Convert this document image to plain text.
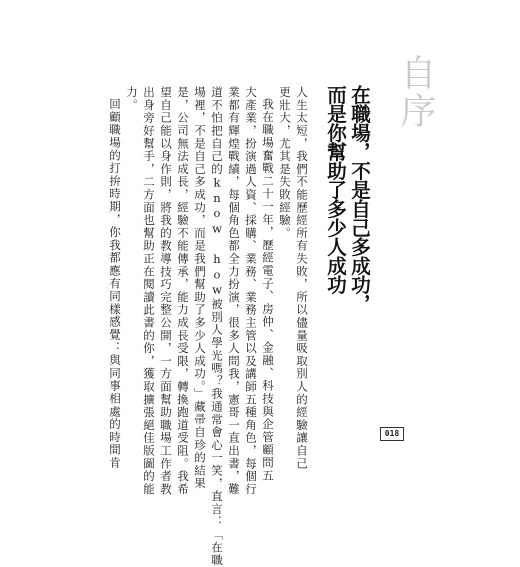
自序
在職場，不是自己多成功，
而是你幫助了多少人成功
人生太短，我們不能歷經所有失敗，所以儘量吸取別人的經驗讓自己
更壯大，尤其是失敗經驗。
我在職場奮戰二十一年，歷經電子、房仲、金融、科技與企管顧問五
大產業，扮演過人資、採購、業務、業務主管以及講師五種角色，每個行
業都有輝煌戰績，每個角色都全力扮演，很多人問我，憲哥一直出書，難
道不怕把自己的know how被別人學光嗎？我通常會心一笑，直言：「在職
場裡，不是自己多成功，而是我們幫助了多少人成功。」藏帚自珍的結果
是，公司無法成長，經驗不能傳承，能力成長受限，轉換跑道受阻。我希
望自己能以身作則，將我的教導技巧完整公開，一方面幫助職場工作者教
出身旁好幫手，二方面也幫助正在閱讀此書的你，獲取擴張絕佳版圖的能
力。
回顧職場的打拚時期，你我都應有同樣感覺：與同事相處的時間肯	018
